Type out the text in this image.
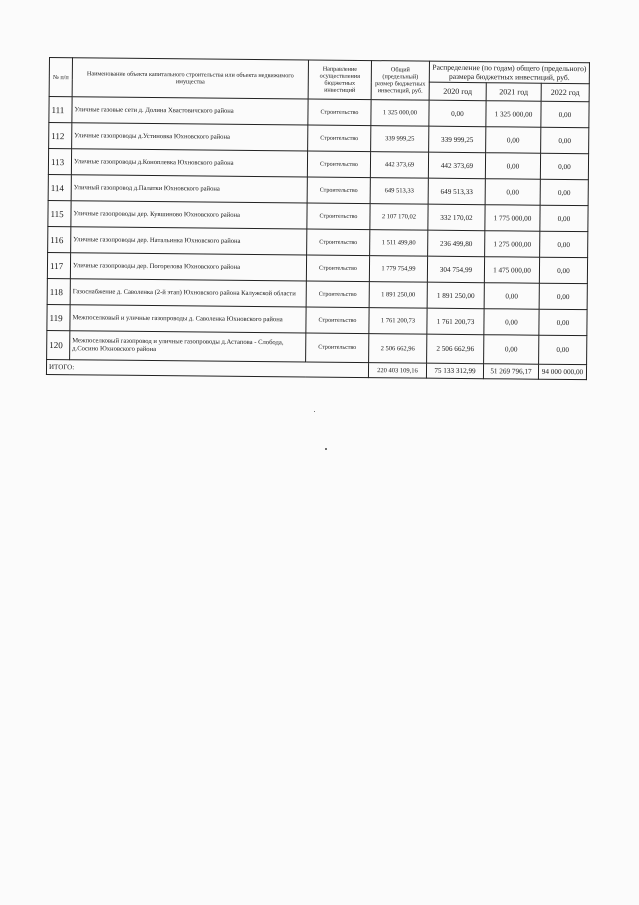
№ п/п	Наименование объекта капитального строительства или объекта недвижимого имущества	Направление осуществления бюджетных инвестиций	Общий (предельный) размер бюджетных инвестиций, руб.	Распределение (по годам) общего (предельного) размера бюджетных инвестиций, руб.		
				2020 год	2021 год	2022 год
111	Уличные газовые сети д. Долина Хвастовичского района	Строительство	1 325 000,00	0,00	1 325 000,00	0,00
112	Уличные газопроводы д.Устиновка Юхновского района	Строительство	339 999,25	339 999,25	0,00	0,00
113	Уличные газопроводы д.Коноплевка Юхновского района	Строительство	442 373,69	442 373,69	0,00	0,00
114	Уличный газопровод д.Палатки Юхновского района	Строительство	649 513,33	649 513,33	0,00	0,00
115	Уличные газопроводы дер. Кувшиново Юхновского района	Строительство	2 107 170,02	332 170,02	1 775 000,00	0,00
116	Уличные газопроводы дер. Натальинка Юхновского района	Строительство	1 511 499,80	236 499,80	1 275 000,00	0,00
117	Уличные газопроводы дер. Погорелова Юхновского района	Строительство	1 779 754,99	304 754,99	1 475 000,00	0,00
118	Газоснабжение д. Саволенка (2-й этап) Юхновского района Калужской области	Строительство	1 891 250,00	1 891 250,00	0,00	0,00
119	Межпоселковый и уличные газопроводы д. Саволенка Юхновского района	Строительство	1 761 200,73	1 761 200,73	0,00	0,00
120	Межпоселковый газопровод и уличные газопроводы д.Астапова - Слобода, д.Сосино Юхновского района	Строительство	2 506 662,96	2 506 662,96	0,00	0,00
ИТОГО:			220 403 109,16	75 133 312,99	51 269 796,17	94 000 000,00
